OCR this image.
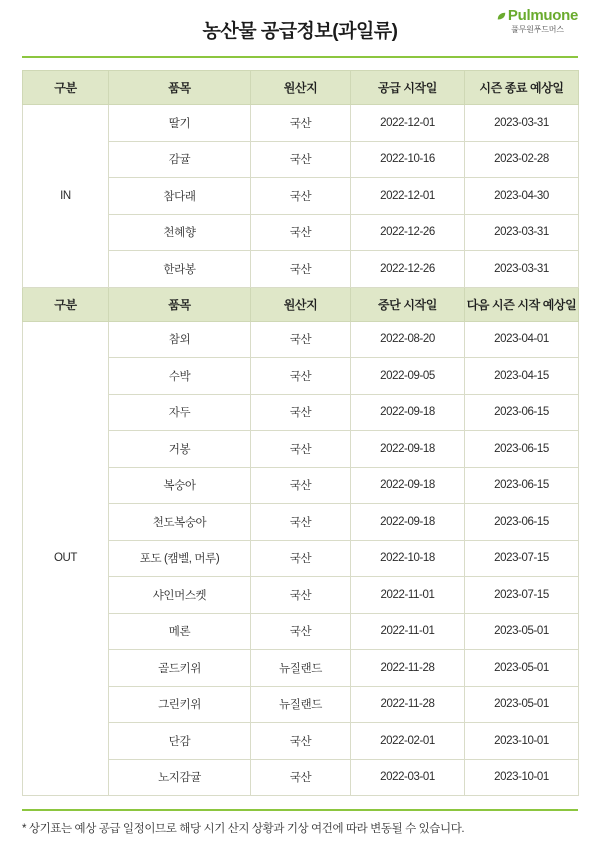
농산물 공급정보(과일류)
Pulmuone
풀무원푸드머스
구분	품목	원산지	공급 시작일	시즌 종료 예상일
IN	딸기	국산	2022-12-01	2023-03-31
	감귤	국산	2022-10-16	2023-02-28
	참다래	국산	2022-12-01	2023-04-30
	천혜향	국산	2022-12-26	2023-03-31
	한라봉	국산	2022-12-26	2023-03-31
구분	품목	원산지	중단 시작일	다음 시즌 시작 예상일
OUT	참외	국산	2022-08-20	2023-04-01
	수박	국산	2022-09-05	2023-04-15
	자두	국산	2022-09-18	2023-06-15
	거봉	국산	2022-09-18	2023-06-15
	복숭아	국산	2022-09-18	2023-06-15
	천도복숭아	국산	2022-09-18	2023-06-15
	포도 (캠벨, 머루)	국산	2022-10-18	2023-07-15
	샤인머스켓	국산	2022-11-01	2023-07-15
	메론	국산	2022-11-01	2023-05-01
	골드키위	뉴질랜드	2022-11-28	2023-05-01
	그린키위	뉴질랜드	2022-11-28	2023-05-01
	단감	국산	2022-02-01	2023-10-01
	노지감귤	국산	2022-03-01	2023-10-01
* 상기표는 예상 공급 일정이므로 해당 시기 산지 상황과 기상 여건에 따라 변동될 수 있습니다.
